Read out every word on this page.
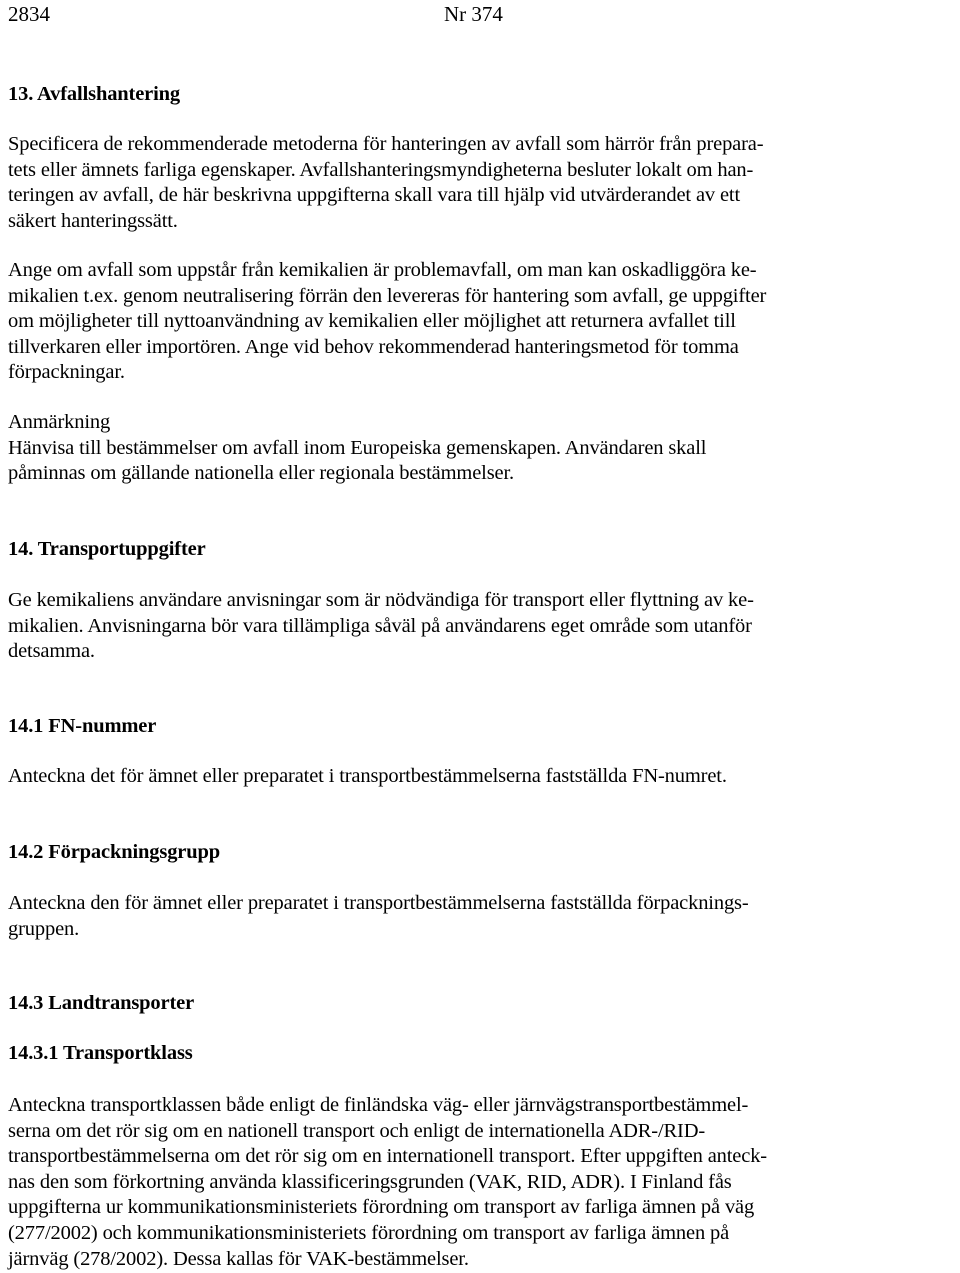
2834	Nr 374
13. Avfallshantering
Specificera de rekommenderade metoderna för hanteringen av avfall som härrör från prepara-
tets eller ämnets farliga egenskaper. Avfallshanteringsmyndigheterna besluter lokalt om han-
teringen av avfall, de här beskrivna uppgifterna skall vara till hjälp vid utvärderandet av ett
säkert hanteringssätt.
Ange om avfall som uppstår från kemikalien är problemavfall, om man kan oskadliggöra ke-
mikalien t.ex. genom neutralisering förrän den levereras för hantering som avfall, ge uppgifter
om möjligheter till nyttoanvändning av kemikalien eller möjlighet att returnera avfallet till
tillverkaren eller importören. Ange vid behov rekommenderad hanteringsmetod för tomma
förpackningar.
Anmärkning
Hänvisa till bestämmelser om avfall inom Europeiska gemenskapen. Användaren skall
påminnas om gällande nationella eller regionala bestämmelser.
14. Transportuppgifter
Ge kemikaliens användare anvisningar som är nödvändiga för transport eller flyttning av ke-
mikalien. Anvisningarna bör vara tillämpliga såväl på användarens eget område som utanför
detsamma.
14.1 FN-nummer
Anteckna det för ämnet eller preparatet i transportbestämmelserna fastställda FN-numret.
14.2 Förpackningsgrupp
Anteckna den för ämnet eller preparatet i transportbestämmelserna fastställda förpacknings-
gruppen.
14.3 Landtransporter
14.3.1 Transportklass
Anteckna transportklassen både enligt de finländska väg- eller järnvägstransportbestämmel-
serna om det rör sig om en nationell transport och enligt de internationella ADR-/RID-
transportbestämmelserna om det rör sig om en internationell transport. Efter uppgiften anteck-
nas den som förkortning använda klassificeringsgrunden (VAK, RID, ADR). I Finland fås
uppgifterna ur kommunikationsministeriets förordning om transport av farliga ämnen på väg
(277/2002) och kommunikationsministeriets förordning om transport av farliga ämnen på
järnväg (278/2002). Dessa kallas för VAK-bestämmelser.
